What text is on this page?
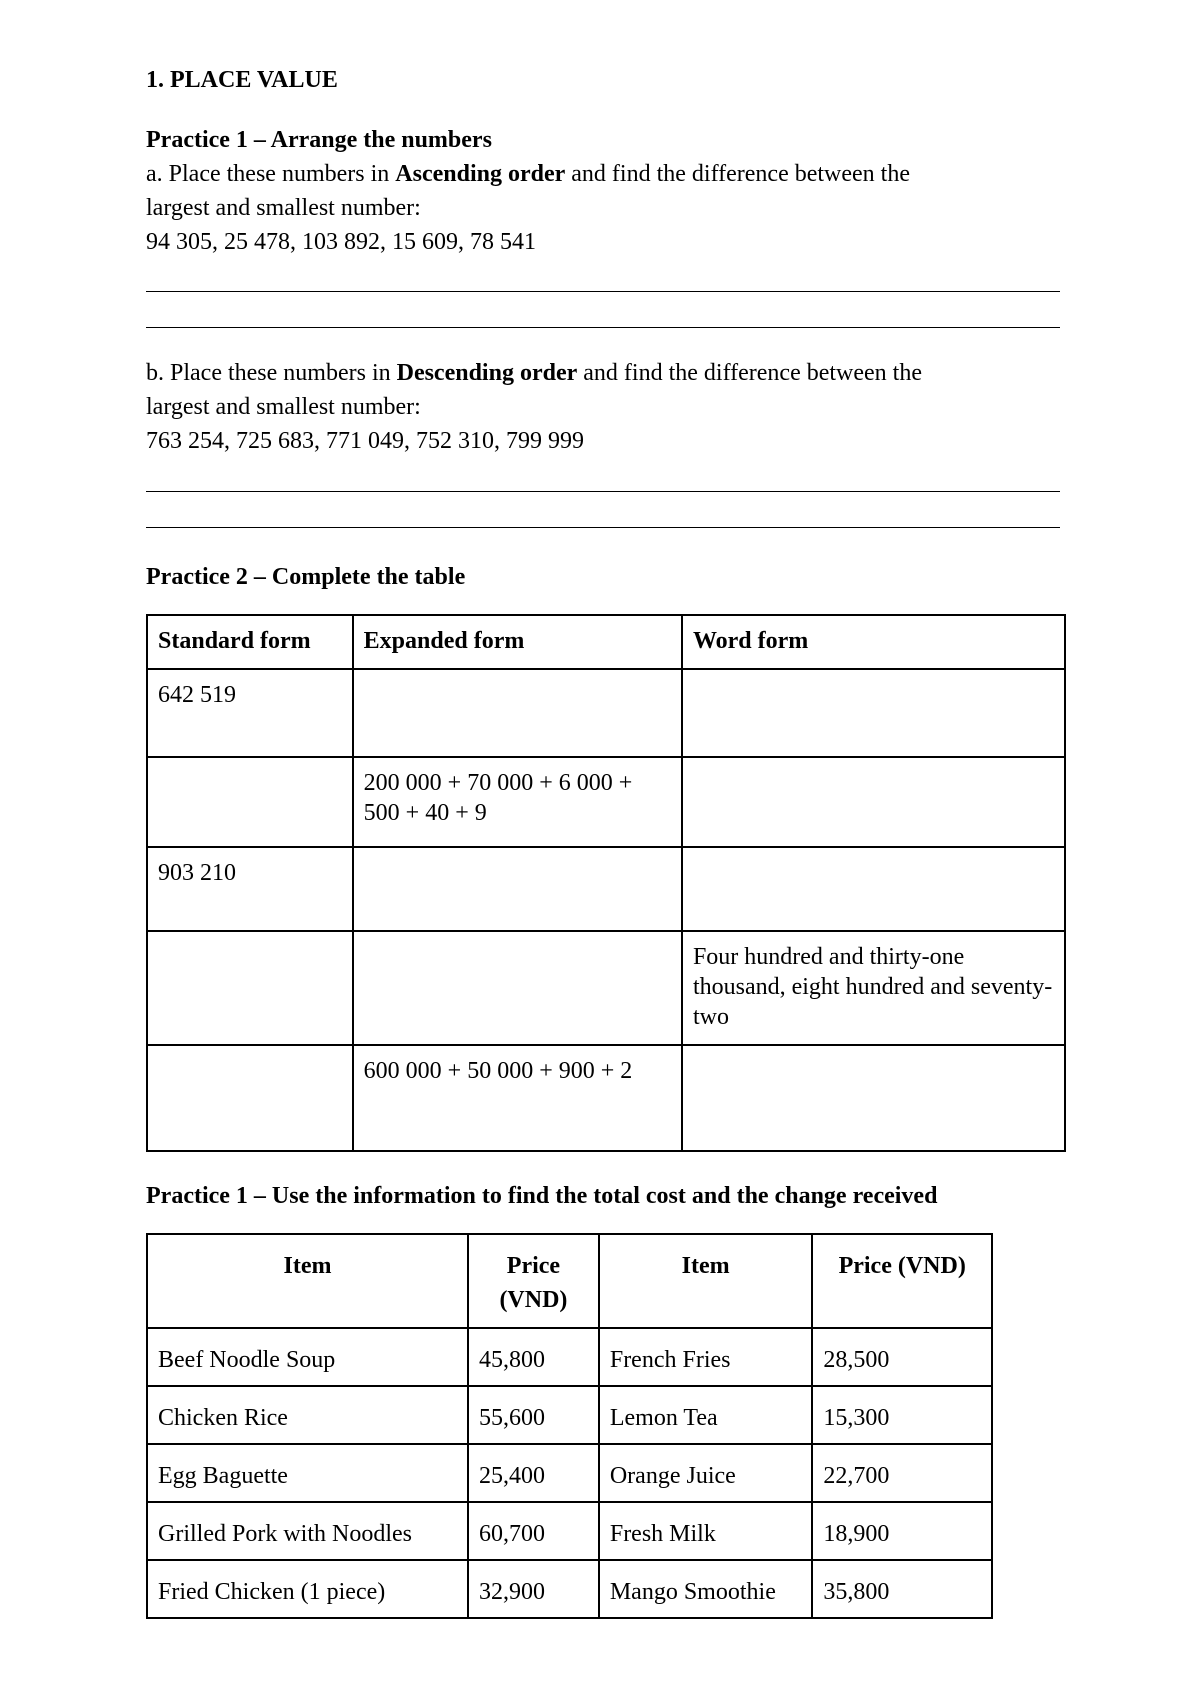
1. PLACE VALUE
Practice 1 – Arrange the numbers
a. Place these numbers in Ascending order and find the difference between the
largest and smallest number:
94 305, 25 478, 103 892, 15 609, 78 541
b. Place these numbers in Descending order and find the difference between the
largest and smallest number:
763 254, 725 683, 771 049, 752 310, 799 999
Practice 2 – Complete the table
Standard form	Expanded form	Word form
642 519		
	200 000 + 70 000 + 6 000 + 500 + 40 + 9	
903 210		
		Four hundred and thirty-one thousand, eight hundred and seventy-two
	600 000 + 50 000 + 900 + 2	
Practice 1 – Use the information to find the total cost and the change received
Item	Price (VND)	Item	Price (VND)
Beef Noodle Soup	45,800	French Fries	28,500
Chicken Rice	55,600	Lemon Tea	15,300
Egg Baguette	25,400	Orange Juice	22,700
Grilled Pork with Noodles	60,700	Fresh Milk	18,900
Fried Chicken (1 piece)	32,900	Mango Smoothie	35,800
